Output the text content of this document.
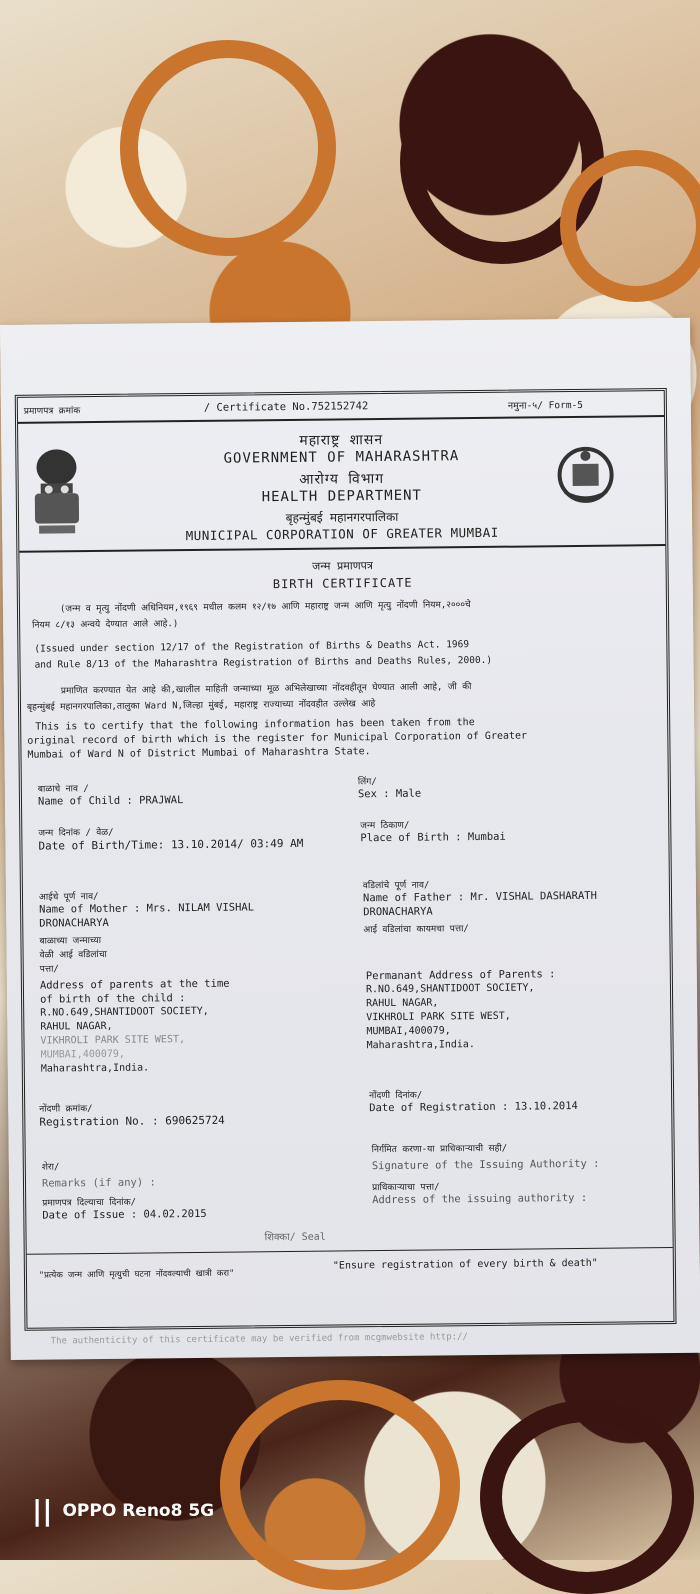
प्रमाणपत्र क्रमांक	/ Certificate No.752152742	नमुना-५/ Form-5
महाराष्ट्र शासन
GOVERNMENT OF MAHARASHTRA
आरोग्य विभाग
HEALTH DEPARTMENT
बृहन्मुंबई महानगरपालिका
MUNICIPAL CORPORATION OF GREATER MUMBAI
जन्म प्रमाणपत्र
BIRTH CERTIFICATE
(जन्म व मृत्यु नोंदणी अधिनियम,१९६९ मधील कलम १२/१७ आणि महाराष्ट्र जन्म आणि मृत्यु नोंदणी नियम,२०००चे
नियम ८/१३ अन्वये देण्यात आले आहे.)
(Issued under section 12/17 of the Registration of Births & Deaths Act. 1969
and Rule 8/13 of the Maharashtra Registration of Births and Deaths Rules, 2000.)
प्रमाणित करण्यात येत आहे की,खालील माहिती जन्माच्या मूळ अभिलेखाच्या नोंदवहीतून घेण्यात आली आहे, जी की
बृहन्मुंबई महानगरपालिका,तालुका Ward N,जिल्हा मुंबई, महाराष्ट्र राज्याच्या नोंदवहीत उल्लेख आहे
This is to certify that the following information has been taken from the
original record of birth which is the register for Municipal Corporation of Greater
Mumbai of Ward N of District Mumbai of Maharashtra State.
बाळाचे नाव /
Name of Child : PRAJWAL
लिंग/
Sex : Male
जन्म दिनांक / वेळ/
Date of Birth/Time: 13.10.2014/ 03:49 AM
जन्म ठिकाण/
Place of Birth : Mumbai
आईचे पूर्ण नाव/
Name of Mother : Mrs. NILAM VISHAL
DRONACHARYA
वडिलांचे पूर्ण नाव/
Name of Father : Mr. VISHAL DASHARATH
DRONACHARYA
आई वडिलांचा कायमचा पत्ता/
बाळाच्या जन्माच्या
वेळी आई वडिलांचा
पत्ता/
Address of parents at the time
of birth of the child :
R.NO.649,SHANTIDOOT SOCIETY,
RAHUL NAGAR,
VIKHROLI PARK SITE WEST,
MUMBAI,400079,
Maharashtra,India.
Permanant Address of Parents :
R.NO.649,SHANTIDOOT SOCIETY,
RAHUL NAGAR,
VIKHROLI PARK SITE WEST,
MUMBAI,400079,
Maharashtra,India.
नोंदणी क्रमांक/
Registration No. : 690625724
नोंदणी दिनांक/
Date of Registration : 13.10.2014
शेरा/
Remarks (if any) :
प्रमाणपत्र दिल्याचा दिनांक/
Date of Issue : 04.02.2015
निर्गमित करणा-या प्राधिकाऱ्याची सही/
Signature of the Issuing Authority :
प्राधिकाऱ्याचा पत्ता/
Address of the issuing authority :
शिक्का/ Seal
"प्रत्येक जन्म आणि मृत्युची घटना नोंदवल्याची खात्री करा"
"Ensure registration of every birth & death"
The authenticity of this certificate may be verified from mcgmwebsite http://
|| OPPO Reno8 5G
